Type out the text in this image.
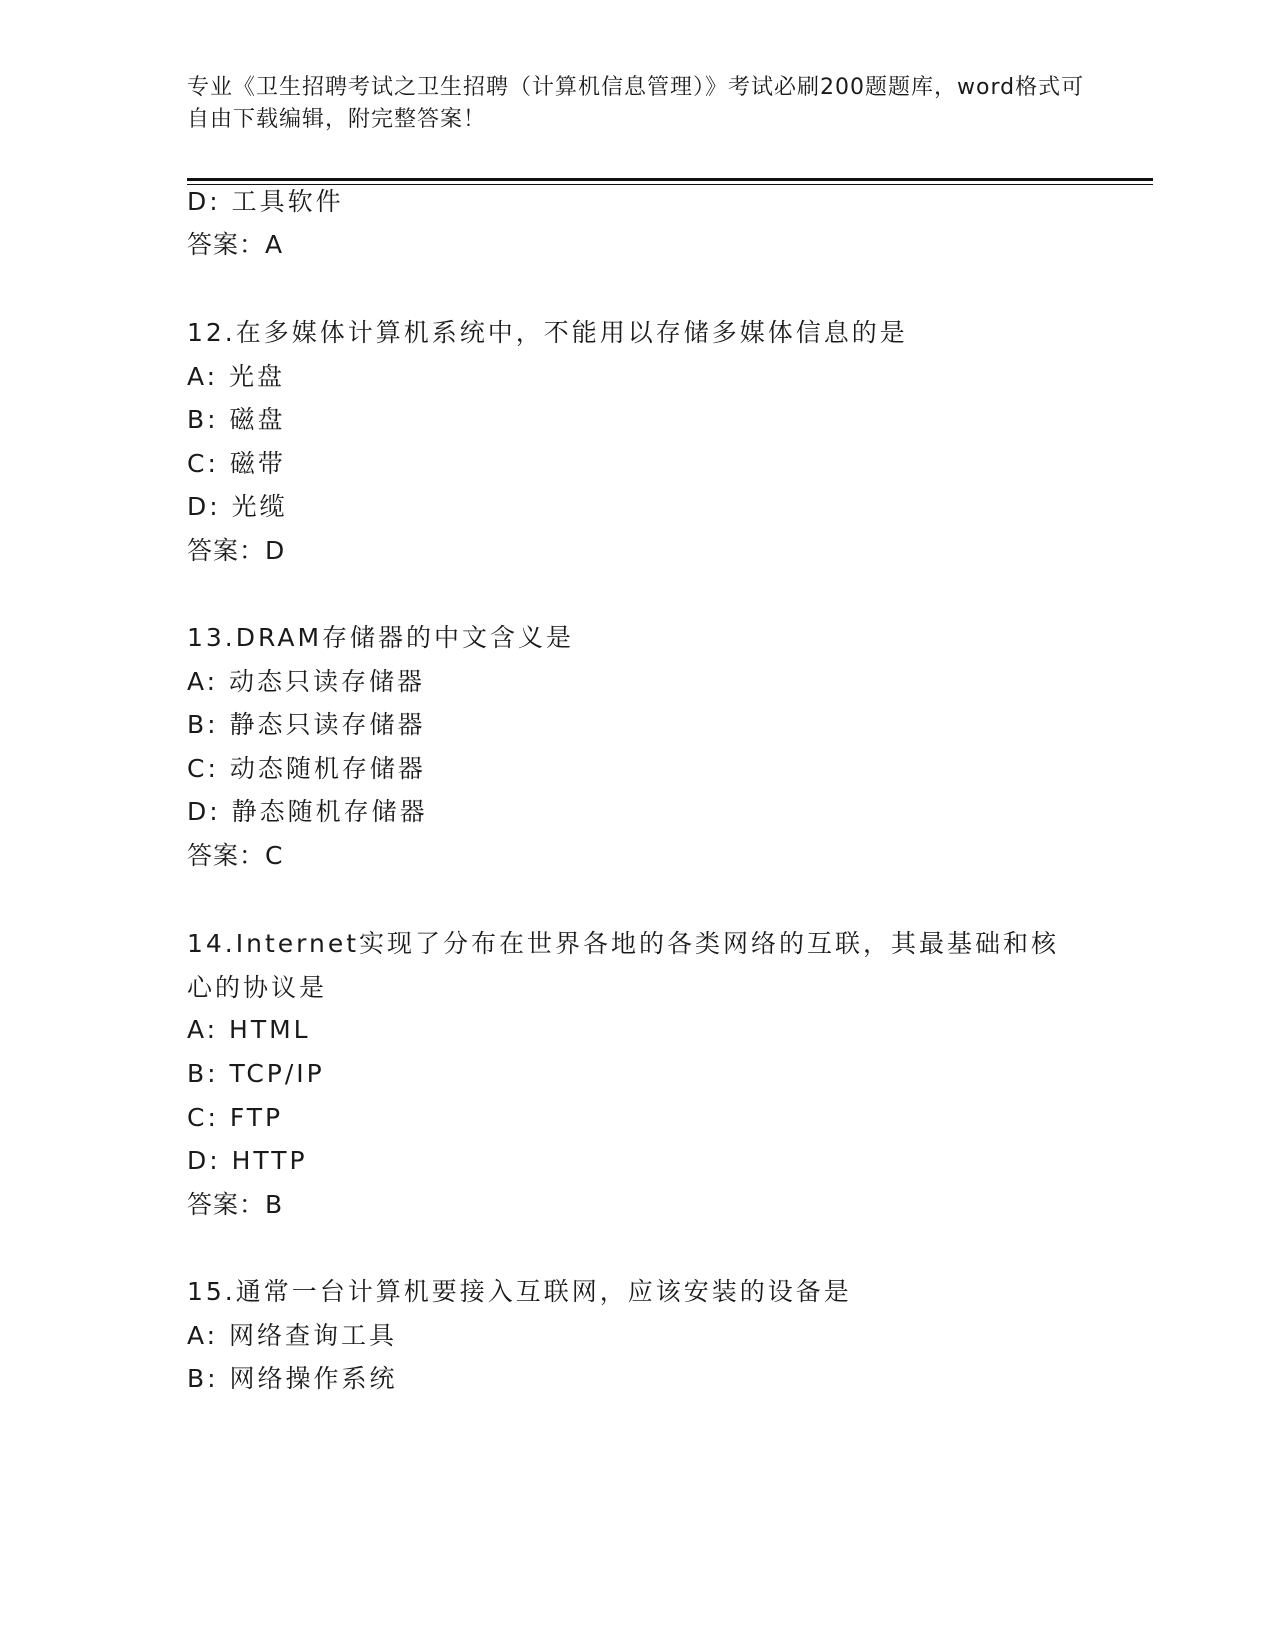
专业《卫生招聘考试之卫生招聘（计算机信息管理）》考试必刷200题题库，word格式可自由下载编辑，附完整答案！
D: 工具软件
答案：A
12.在多媒体计算机系统中，不能用以存储多媒体信息的是
A: 光盘
B: 磁盘
C: 磁带
D: 光缆
答案：D
13.DRAM存储器的中文含义是
A: 动态只读存储器
B: 静态只读存储器
C: 动态随机存储器
D: 静态随机存储器
答案：C
14.Internet实现了分布在世界各地的各类网络的互联，其最基础和核心的协议是
A: HTML
B: TCP/IP
C: FTP
D: HTTP
答案：B
15.通常一台计算机要接入互联网，应该安装的设备是
A: 网络查询工具
B: 网络操作系统
